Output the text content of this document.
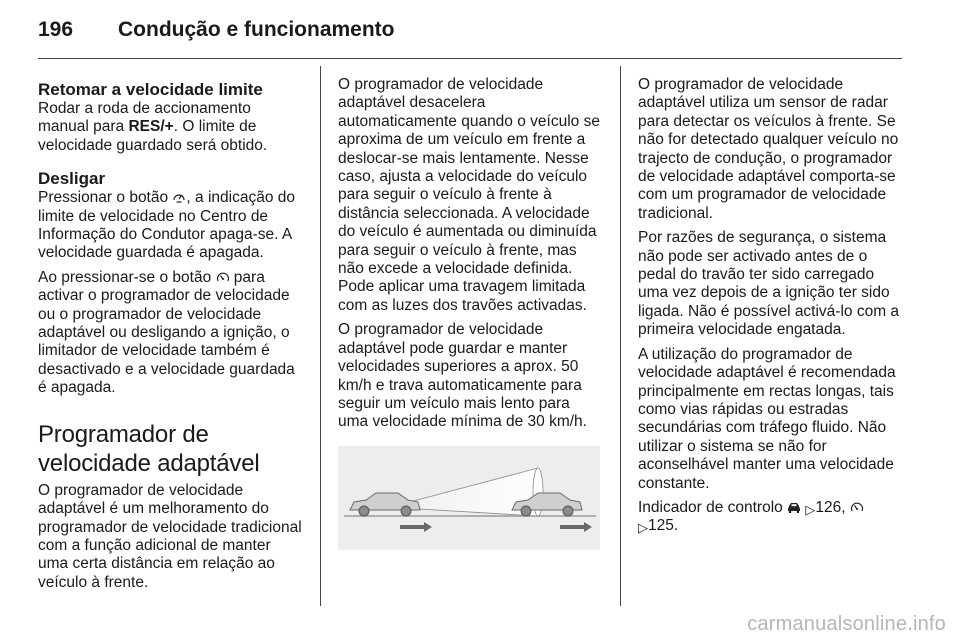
196 Condução e funcionamento
Retomar a velocidade limite

Rodar a roda de accionamento manual para RES/+. O limite de velocidade guardado será obtido.

Desligar

Pressionar o botão , a indicação do limite de velocidade no Centro de Informação do Condutor apaga-se. A velocidade guardada é apagada.

Ao pressionar-se o botão  para activar o programador de velocidade ou o programador de velocidade adaptável ou desligando a ignição, o limitador de velocidade também é desactivado e a velocidade guardada é apagada.

Programador de velocidade adaptável

O programador de velocidade adaptável é um melhoramento do programador de velocidade tradicional com a função adicional de manter uma certa distância em relação ao veículo à frente.

O programador de velocidade adaptável desacelera automaticamente quando o veículo se aproxima de um veículo em frente a deslocar-se mais lentamente. Nesse caso, ajusta a velocidade do veículo para seguir o veículo à frente à distância seleccionada. A velocidade do veículo é aumentada ou diminuída para seguir o veículo à frente, mas não excede a velocidade definida. Pode aplicar uma travagem limitada com as luzes dos travões activadas.

O programador de velocidade adaptável pode guardar e manter velocidades superiores a aprox. 50 km/h e trava automaticamente para seguir um veículo mais lento para uma velocidade mínima de 30 km/h.

O programador de velocidade adaptável utiliza um sensor de radar para detectar os veículos à frente. Se não for detectado qualquer veículo no trajecto de condução, o programador de velocidade adaptável comporta-se com um programador de velocidade tradicional.

Por razões de segurança, o sistema não pode ser activado antes de o pedal do travão ter sido carregado uma vez depois de a ignição ter sido ligada. Não é possível activá-lo com a primeira velocidade engatada.

A utilização do programador de velocidade adaptável é recomendada principalmente em rectas longas, tais como vias rápidas ou estradas secundárias com tráfego fluido. Não utilizar o sistema se não for aconselhável manter uma velocidade constante.

Indicador de controlo ▷126,
▷125.

carmanualsonline.info
